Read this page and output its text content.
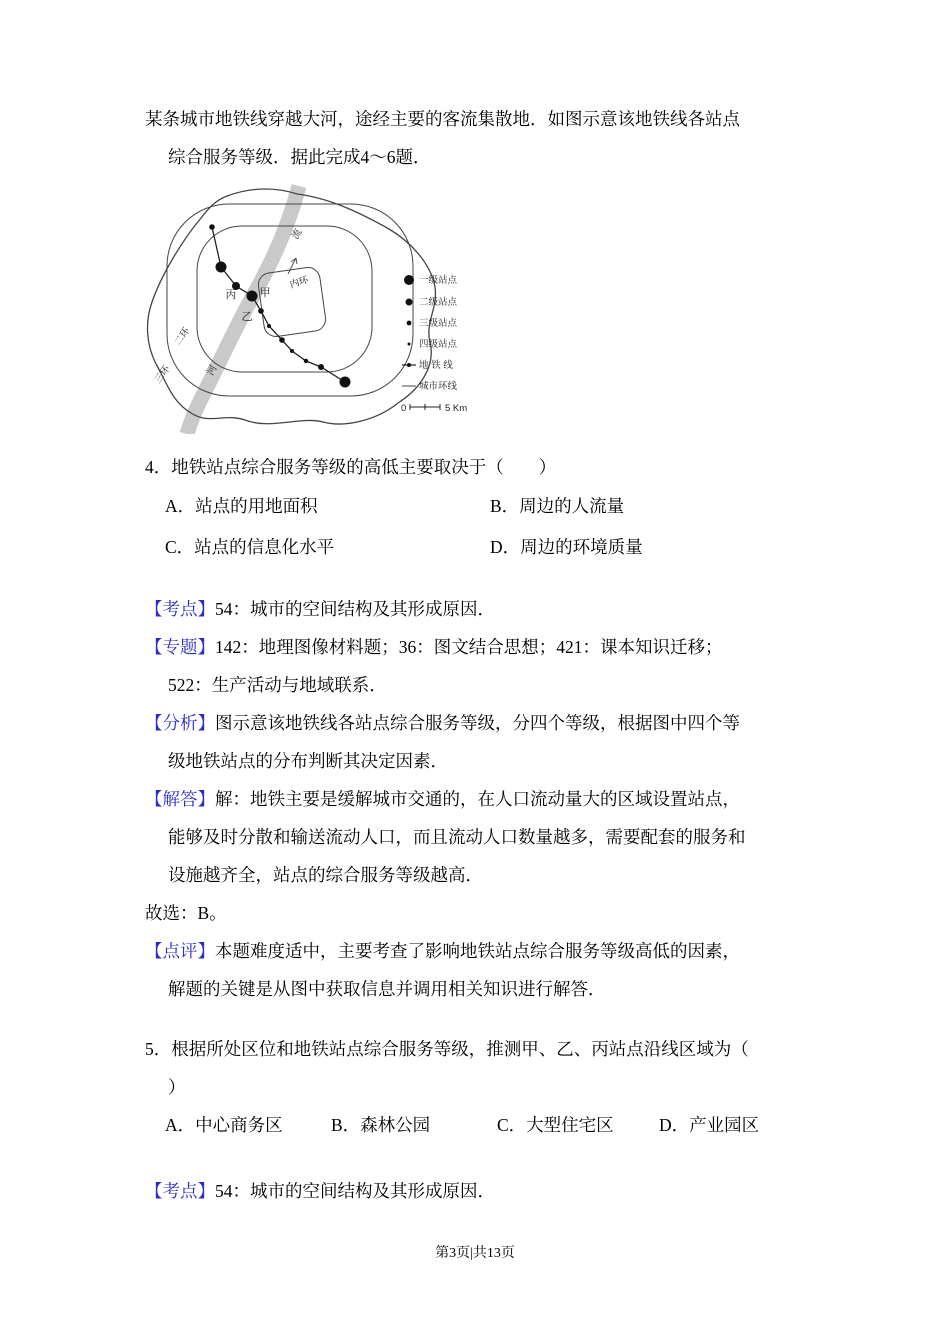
某条城市地铁线穿越大河，途经主要的客流集散地．如图示意该地铁线各站点

综合服务等级．据此完成4～6题．

丙 甲
乙
内环
二环
三环
流
河
一级站点
二级站点
三级站点
四级站点
地 铁 线
城市环线
0	5 Km

4．地铁站点综合服务等级的高低主要取决于（　　）

A．站点的用地面积	B．周边的人流量
C．站点的信息化水平	D．周边的环境质量

【考点】54：城市的空间结构及其形成原因．

【专题】142：地理图像材料题；36：图文结合思想；421：课本知识迁移；

522：生产活动与地域联系．

【分析】图示意该地铁线各站点综合服务等级，分四个等级，根据图中四个等

级地铁站点的分布判断其决定因素．

【解答】解：地铁主要是缓解城市交通的，在人口流动量大的区域设置站点，

能够及时分散和输送流动人口，而且流动人口数量越多，需要配套的服务和

设施越齐全，站点的综合服务等级越高．

故选：B。

【点评】本题难度适中，主要考查了影响地铁站点综合服务等级高低的因素，

解题的关键是从图中获取信息并调用相关知识进行解答．

5．根据所处区位和地铁站点综合服务等级，推测甲、乙、丙站点沿线区域为（

）

A．中心商务区	B．森林公园	C．大型住宅区	D．产业园区

【考点】54：城市的空间结构及其形成原因．

第3页|共13页
